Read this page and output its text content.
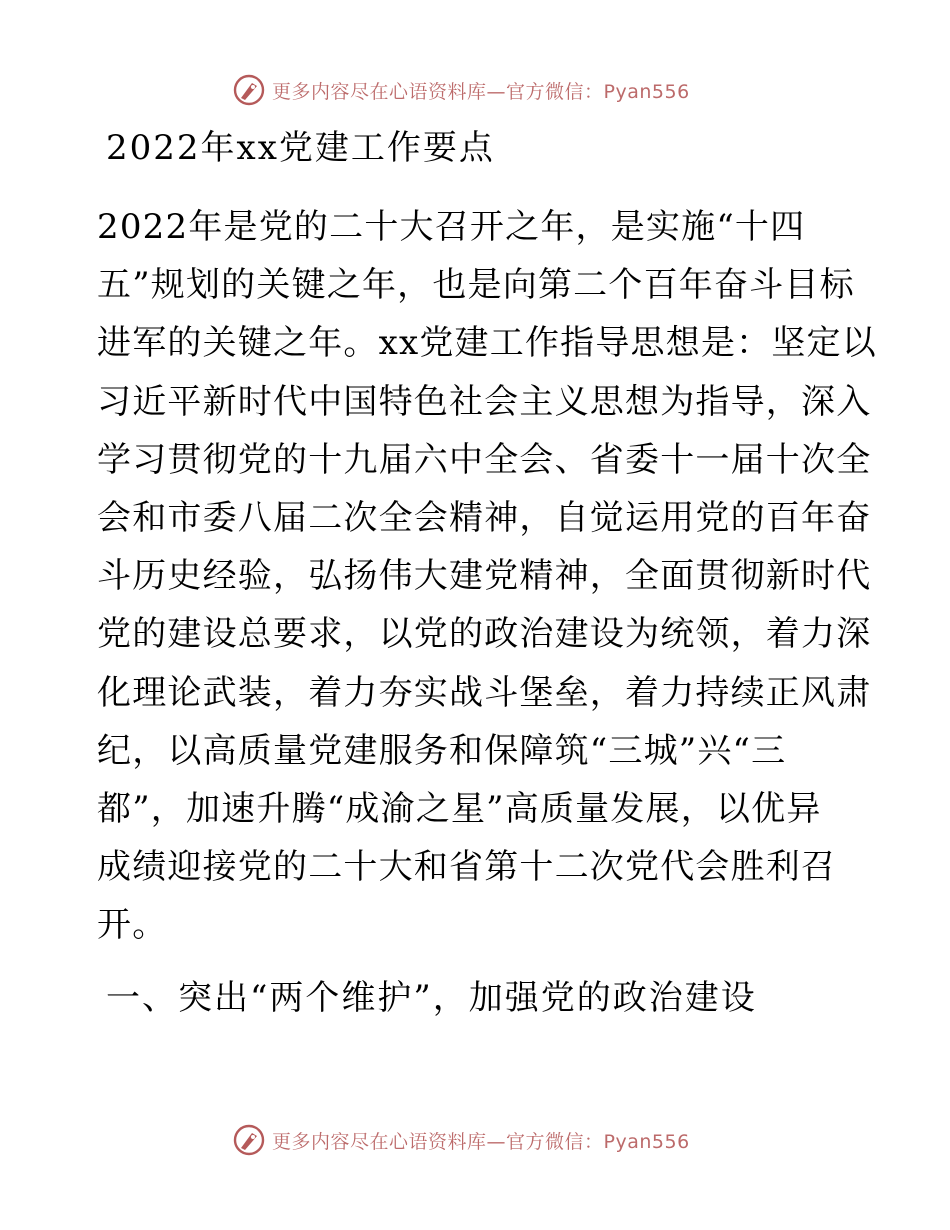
更多内容尽在心语资料库—官方微信：Pyan556
2022年xx党建工作要点
2022年是党的二十大召开之年，是实施“十四
五”规划的关键之年，也是向第二个百年奋斗目标
进军的关键之年。xx党建工作指导思想是：坚定以
习近平新时代中国特色社会主义思想为指导，深入
学习贯彻党的十九届六中全会、省委十一届十次全
会和市委八届二次全会精神，自觉运用党的百年奋
斗历史经验，弘扬伟大建党精神，全面贯彻新时代
党的建设总要求，以党的政治建设为统领，着力深
化理论武装，着力夯实战斗堡垒，着力持续正风肃
纪，以高质量党建服务和保障筑“三城”兴“三
都”，加速升腾“成渝之星”高质量发展，以优异
成绩迎接党的二十大和省第十二次党代会胜利召
开。
一、突出“两个维护”，加强党的政治建设
更多内容尽在心语资料库—官方微信：Pyan556
